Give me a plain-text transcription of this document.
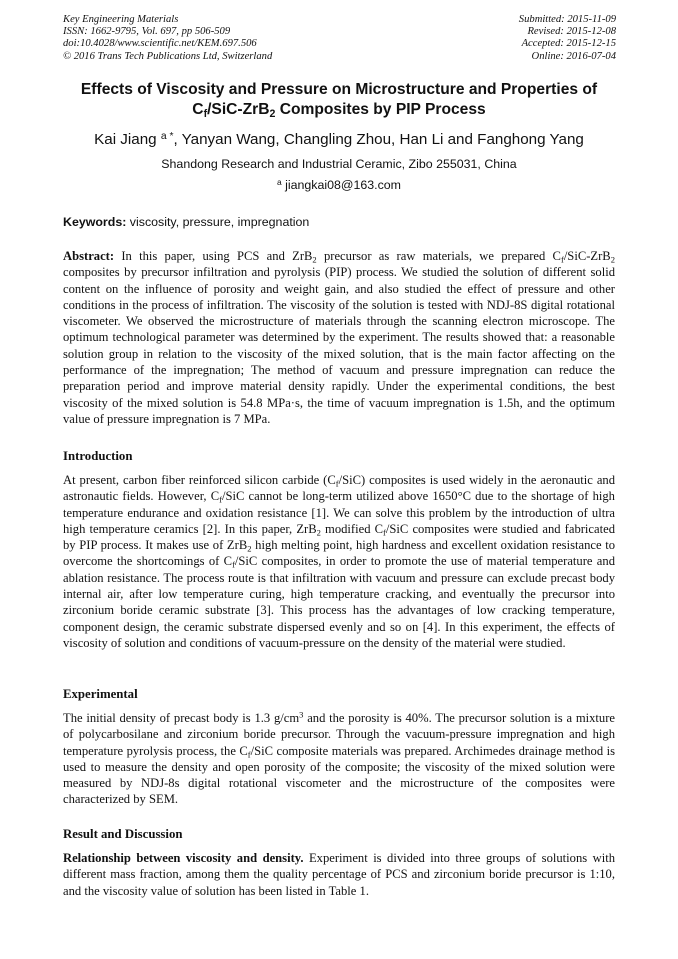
Key Engineering Materials
ISSN: 1662-9795, Vol. 697, pp 506-509
doi:10.4028/www.scientific.net/KEM.697.506
© 2016 Trans Tech Publications Ltd, Switzerland
Submitted: 2015-11-09
Revised: 2015-12-08
Accepted: 2015-12-15
Online: 2016-07-04
Effects of Viscosity and Pressure on Microstructure and Properties of
$C_f/SiC-ZrB_2$ Composites by PIP Process
Kai Jiang $^{a *}$, Yanyan Wang, Changling Zhou, Han Li and Fanghong Yang
Shandong Research and Industrial Ceramic, Zibo 255031, China
$^a$ jiangkai08@163.com
Keywords: viscosity, pressure, impregnation
Abstract: In this paper, using PCS and ZrB$_2$ precursor as raw materials, we prepared $C_f/SiC-ZrB_2$ composites by precursor infiltration and pyrolysis (PIP) process. We studied the solution of different solid content on the influence of porosity and weight gain, and also studied the effect of pressure and other conditions in the process of infiltration. The viscosity of the solution is tested with NDJ-8S digital rotational viscometer. We observed the microstructure of materials through the scanning electron microscope. The optimum technological parameter was determined by the experiment. The results showed that: a reasonable solution group in relation to the viscosity of the mixed solution, that is the main factor affecting on the performance of the impregnation; The method of vacuum and pressure impregnation can reduce the preparation period and improve material density rapidly. Under the experimental conditions, the best viscosity of the mixed solution is 54.8 MPa·s, the time of vacuum impregnation is 1.5h, and the optimum value of pressure impregnation is 7 MPa.
Introduction
At present, carbon fiber reinforced silicon carbide $(C_f/SiC)$ composites is used widely in the aeronautic and astronautic fields. However, $C_f$/SiC cannot be long-term utilized above 1650°C due to the shortage of high temperature endurance and oxidation resistance [1]. We can solve this problem by the introduction of ultra high temperature ceramics [2]. In this paper, ZrB$_2$ modified $C_f$/SiC composites were studied and fabricated by PIP process. It makes use of ZrB$_2$ high melting point, high hardness and excellent oxidation resistance to overcome the shortcomings of $C_f$/SiC composites, in order to promote the use of material temperature and ablation resistance. The process route is that infiltration with vacuum and pressure can exclude precast body internal air, after low temperature curing, high temperature cracking, and eventually the precursor into zirconium boride ceramic substrate [3]. This process has the advantages of low cracking temperature, component design, the ceramic substrate dispersed evenly and so on [4]. In this experiment, the effects of viscosity of solution and conditions of vacuum-pressure on the density of the material were studied.
Experimental
The initial density of precast body is 1.3 $g/cm^3$ and the porosity is 40%. The precursor solution is a mixture of polycarbosilane and zirconium boride precursor. Through the vacuum-pressure impregnation and high temperature pyrolysis process, the $C_f$/SiC composite materials was prepared. Archimedes drainage method is used to measure the density and open porosity of the composite; the viscosity of the mixed solution were measured by NDJ-8s digital rotational viscometer and the microstructure of the composites were characterized by SEM.
Result and Discussion
Relationship between viscosity and density. Experiment is divided into three groups of solutions with different mass fraction, among them the quality percentage of PCS and zirconium boride precursor is 1:10, and the viscosity value of solution has been listed in Table 1.
